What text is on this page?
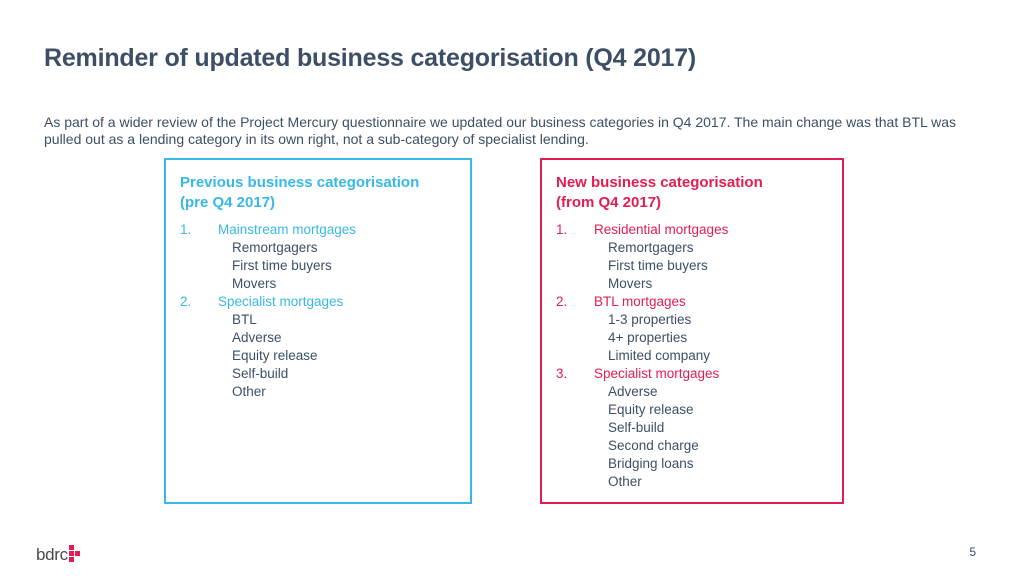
Reminder of updated business categorisation (Q4 2017)

As part of a wider review of the Project Mercury questionnaire we updated our business categories in Q4 2017. The main change was that BTL was pulled out as a lending category in its own right, not a sub-category of specialist lending.

Previous business categorisation
(pre Q4 2017)

1.	Mainstream mortgages
Remortgagers
First time buyers
Movers
2.	Specialist mortgages
BTL
Adverse
Equity release
Self-build
Other

New business categorisation
(from Q4 2017)

1.	Residential mortgages
Remortgagers
First time buyers
Movers
2.	BTL mortgages
1-3 properties
4+ properties
Limited company
3.	Specialist mortgages
Adverse
Equity release
Self-build
Second charge
Bridging loans
Other
bdrc	5
